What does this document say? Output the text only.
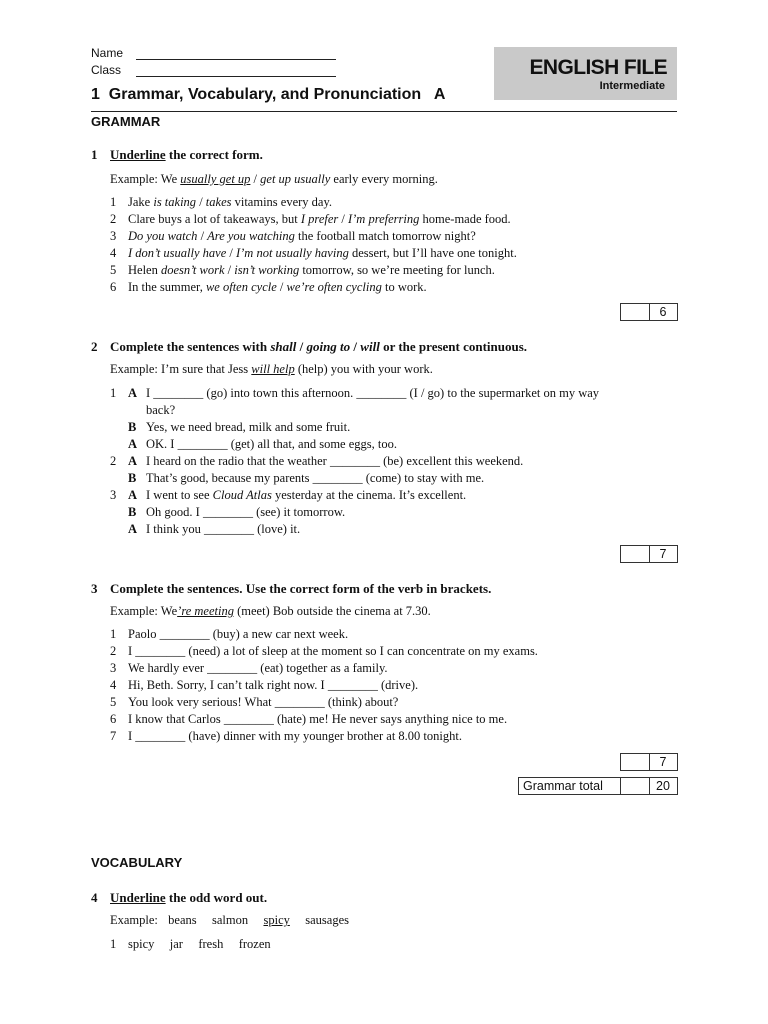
Name
Class	ENGLISH FILE
Intermediate
1  Grammar, Vocabulary, and Pronunciation   A
GRAMMAR
1 Underline the correct form.
Example: We usually get up / get up usually early every morning.
1 Jake is taking / takes vitamins every day.
2 Clare buys a lot of takeaways, but I prefer / I’m preferring home-made food.
3 Do you watch / Are you watching the football match tomorrow night?
4 I don’t usually have / I’m not usually having dessert, but I’ll have one tonight.
5 Helen doesn’t work / isn’t working tomorrow, so we’re meeting for lunch.
6 In the summer, we often cycle / we’re often cycling to work.
6
2 Complete the sentences with shall / going to / will or the present continuous.
Example: I’m sure that Jess will help (help) you with your work.
1 A I ________ (go) into town this afternoon. ________ (I / go) to the supermarket on my way
back?
B Yes, we need bread, milk and some fruit.
A OK. I ________ (get) all that, and some eggs, too.
2 A I heard on the radio that the weather ________ (be) excellent this weekend.
B That’s good, because my parents ________ (come) to stay with me.
3 A I went to see Cloud Atlas yesterday at the cinema. It’s excellent.
B Oh good. I ________ (see) it tomorrow.
A I think you ________ (love) it.
7
3 Complete the sentences. Use the correct form of the verb in brackets.
Example: We’re meeting (meet) Bob outside the cinema at 7.30.
1 Paolo ________ (buy) a new car next week.
2 I ________ (need) a lot of sleep at the moment so I can concentrate on my exams.
3 We hardly ever ________ (eat) together as a family.
4 Hi, Beth. Sorry, I can’t talk right now. I ________ (drive).
5 You look very serious! What ________ (think) about?
6 I know that Carlos ________ (hate) me! He never says anything nice to me.
7 I ________ (have) dinner with my younger brother at 8.00 tonight.
7
Grammar total	20
VOCABULARY
4 Underline the odd word out.
Example: beans salmon spicy sausages
1 spicy jar fresh frozen
